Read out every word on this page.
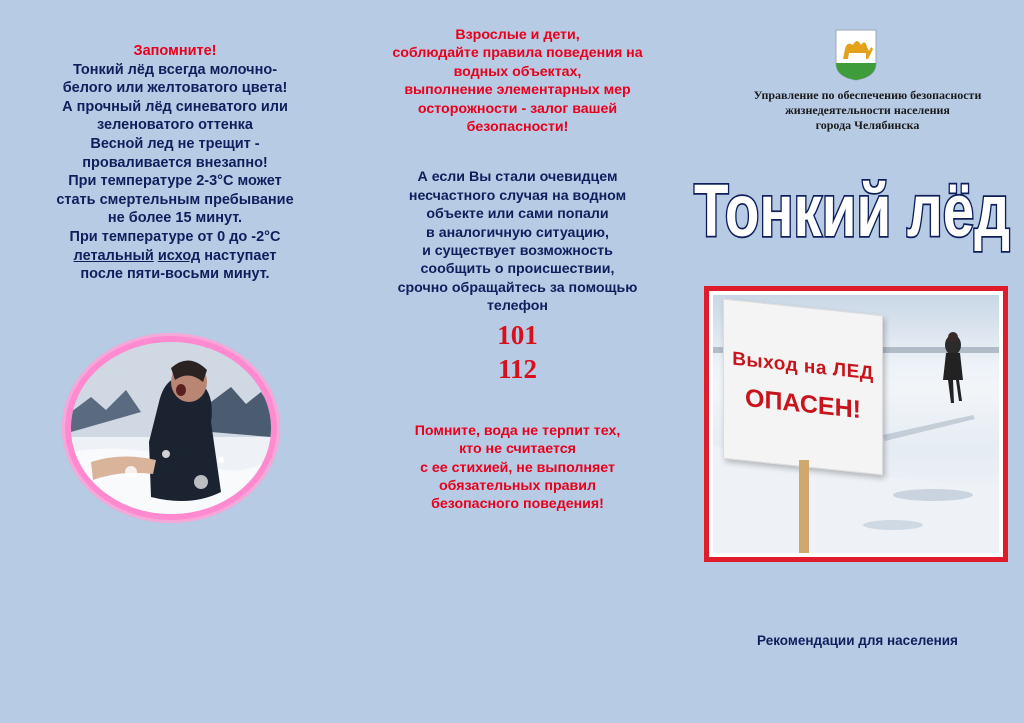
Запомните!
Тонкий лёд всегда молочно-
белого или желтоватого цвета!
А прочный лёд синеватого или
зеленоватого оттенка
Весной лед не трещит -
проваливается внезапно!
При температуре 2-3°С может
стать смертельным пребывание
не более 15 минут.
При температуре от 0 до -2°С
летальный исход наступает
после пяти-восьми минут.
Взрослые и дети,
соблюдайте правила поведения на
водных объектах,
выполнение элементарных мер
осторожности - залог вашей
безопасности!
А если Вы стали очевидцем
несчастного случая на водном
объекте или сами попали
в аналогичную ситуацию,
и существует возможность
сообщить о происшествии,
срочно обращайтесь за помощью
телефон
101
112
Помните, вода не терпит тех,
кто не считается
с ее стихией, не выполняет
обязательных правил
безопасного поведения!
Управление по обеспечению безопасности
жизнедеятельности населения
города Челябинска
Тонкий лёд
Выход на ЛЕД
ОПАСЕН!
Рекомендации для населения
